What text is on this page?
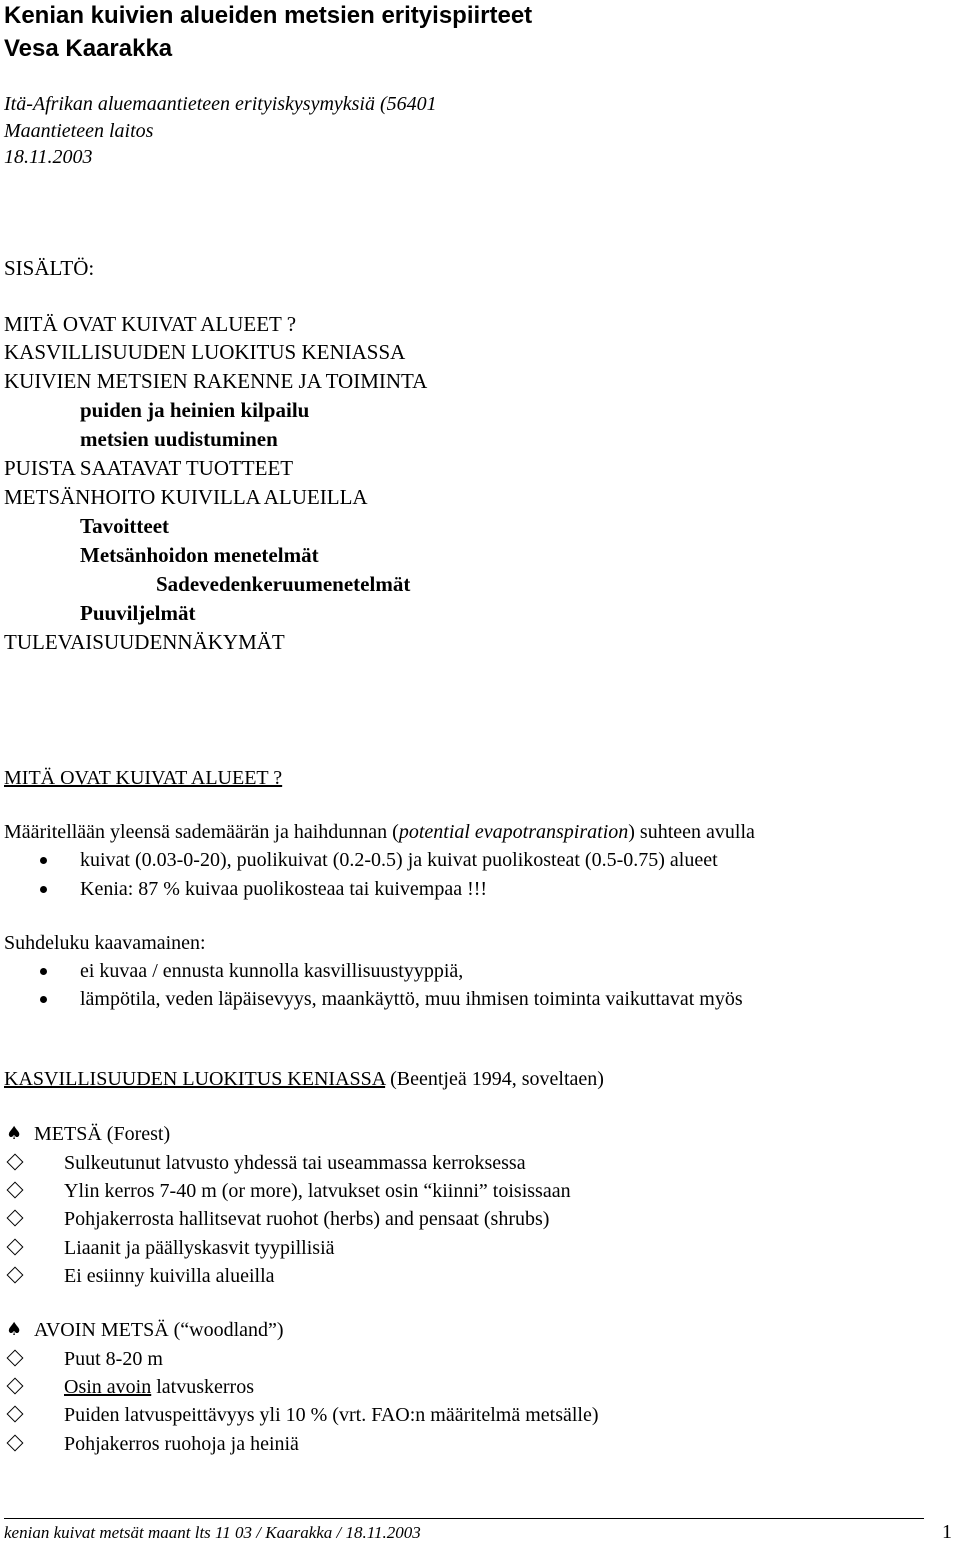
Kenian kuivien alueiden metsien erityispiirteet
Vesa Kaarakka
Itä-Afrikan aluemaantieteen erityiskysymyksiä (56401
Maantieteen laitos
18.11.2003
SISÄLTÖ:
MITÄ OVAT KUIVAT ALUEET ?
KASVILLISUUDEN LUOKITUS KENIASSA
KUIVIEN METSIEN RAKENNE JA TOIMINTA
puiden ja heinien kilpailu
metsien uudistuminen
PUISTA SAATAVAT TUOTTEET
METSÄNHOITO KUIVILLA ALUEILLA
Tavoitteet
Metsänhoidon menetelmät
Sadevedenkeruumenetelmät
Puuviljelmät
TULEVAISUUDENNÄKYMÄT
MITÄ OVAT KUIVAT ALUEET ?
Määritellään yleensä sademäärän ja haihdunnan (potential evapotranspiration) suhteen avulla
kuivat (0.03-0-20), puolikuivat (0.2-0.5) ja kuivat puolikosteat (0.5-0.75) alueet
Kenia: 87 % kuivaa puolikosteaa tai kuivempaa !!!
Suhdeluku kaavamainen:
ei kuvaa / ennusta kunnolla kasvillisuustyyppiä,
lämpötila, veden läpäisevyys, maankäyttö, muu ihmisen toiminta vaikuttavat myös
KASVILLISUUDEN LUOKITUS KENIASSA (Beentjeä 1994, soveltaen)
♠ METSÄ (Forest)
Sulkeutunut latvusto yhdessä tai useammassa kerroksessa
Ylin kerros 7-40 m (or more), latvukset osin “kiinni” toisissaan
Pohjakerrosta hallitsevat ruohot (herbs) and pensaat (shrubs)
Liaanit ja päällyskasvit tyypillisiä
Ei esiinny kuivilla alueilla
♠ AVOIN METSÄ (“woodland”)
Puut 8-20 m
Osin avoin latvuskerros
Puiden latvuspeittävyys yli 10 % (vrt. FAO:n määritelmä metsälle)
Pohjakerros ruohoja ja heiniä
kenian kuivat metsät maant lts 11 03 / Kaarakka / 18.11.2003	1
